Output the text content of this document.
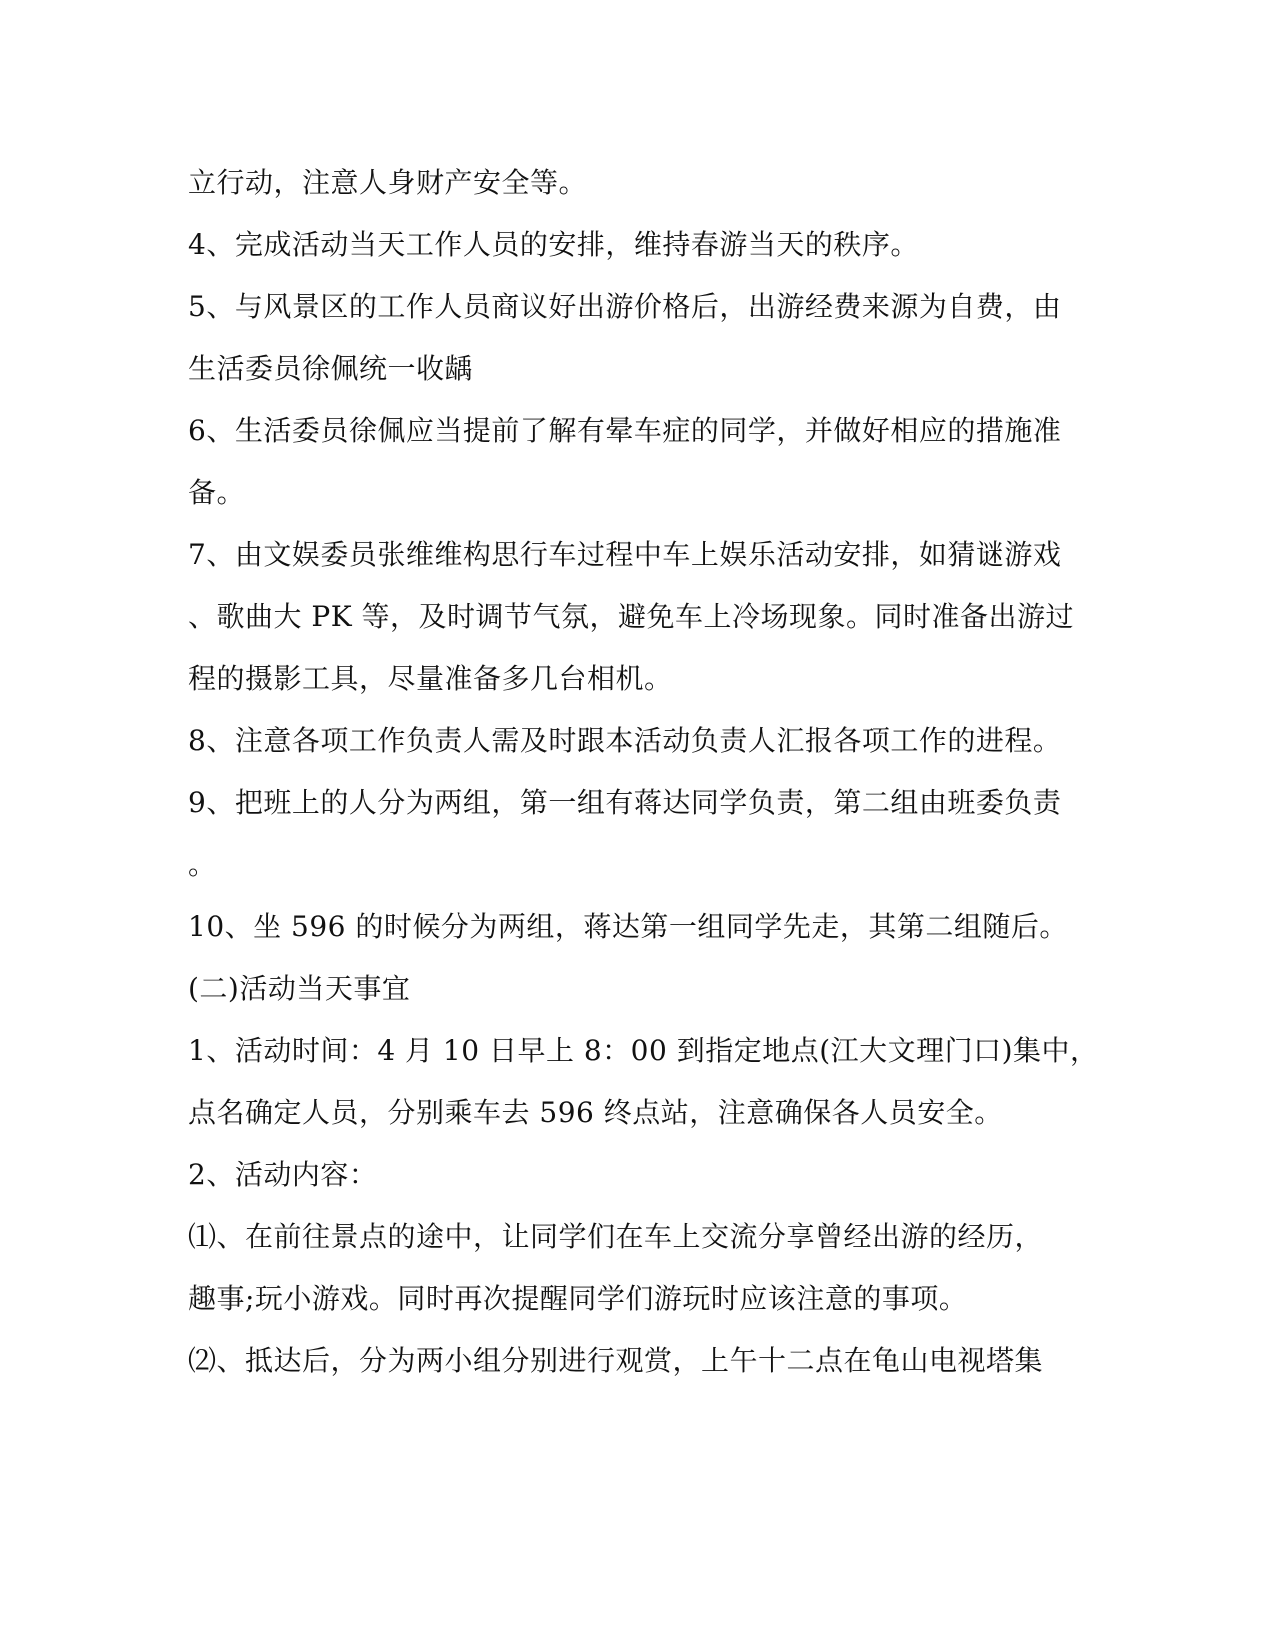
立行动，注意人身财产安全等。
4、完成活动当天工作人员的安排，维持春游当天的秩序。
5、与风景区的工作人员商议好出游价格后，出游经费来源为自费，由
生活委员徐佩统一收龋
6、生活委员徐佩应当提前了解有晕车症的同学，并做好相应的措施准
备。
7、由文娱委员张维维构思行车过程中车上娱乐活动安排，如猜谜游戏
、歌曲大 PK 等，及时调节气氛，避免车上冷场现象。同时准备出游过
程的摄影工具，尽量准备多几台相机。
8、注意各项工作负责人需及时跟本活动负责人汇报各项工作的进程。
9、把班上的人分为两组，第一组有蒋达同学负责，第二组由班委负责
。
10、坐 596 的时候分为两组，蒋达第一组同学先走，其第二组随后。
(二)活动当天事宜
1、活动时间：4 月 10 日早上 8：00 到指定地点(江大文理门口)集中，
点名确定人员，分别乘车去 596 终点站，注意确保各人员安全。
2、活动内容：
⑴、在前往景点的途中，让同学们在车上交流分享曾经出游的经历，
趣事;玩小游戏。同时再次提醒同学们游玩时应该注意的事项。
⑵、抵达后，分为两小组分别进行观赏，上午十二点在龟山电视塔集
